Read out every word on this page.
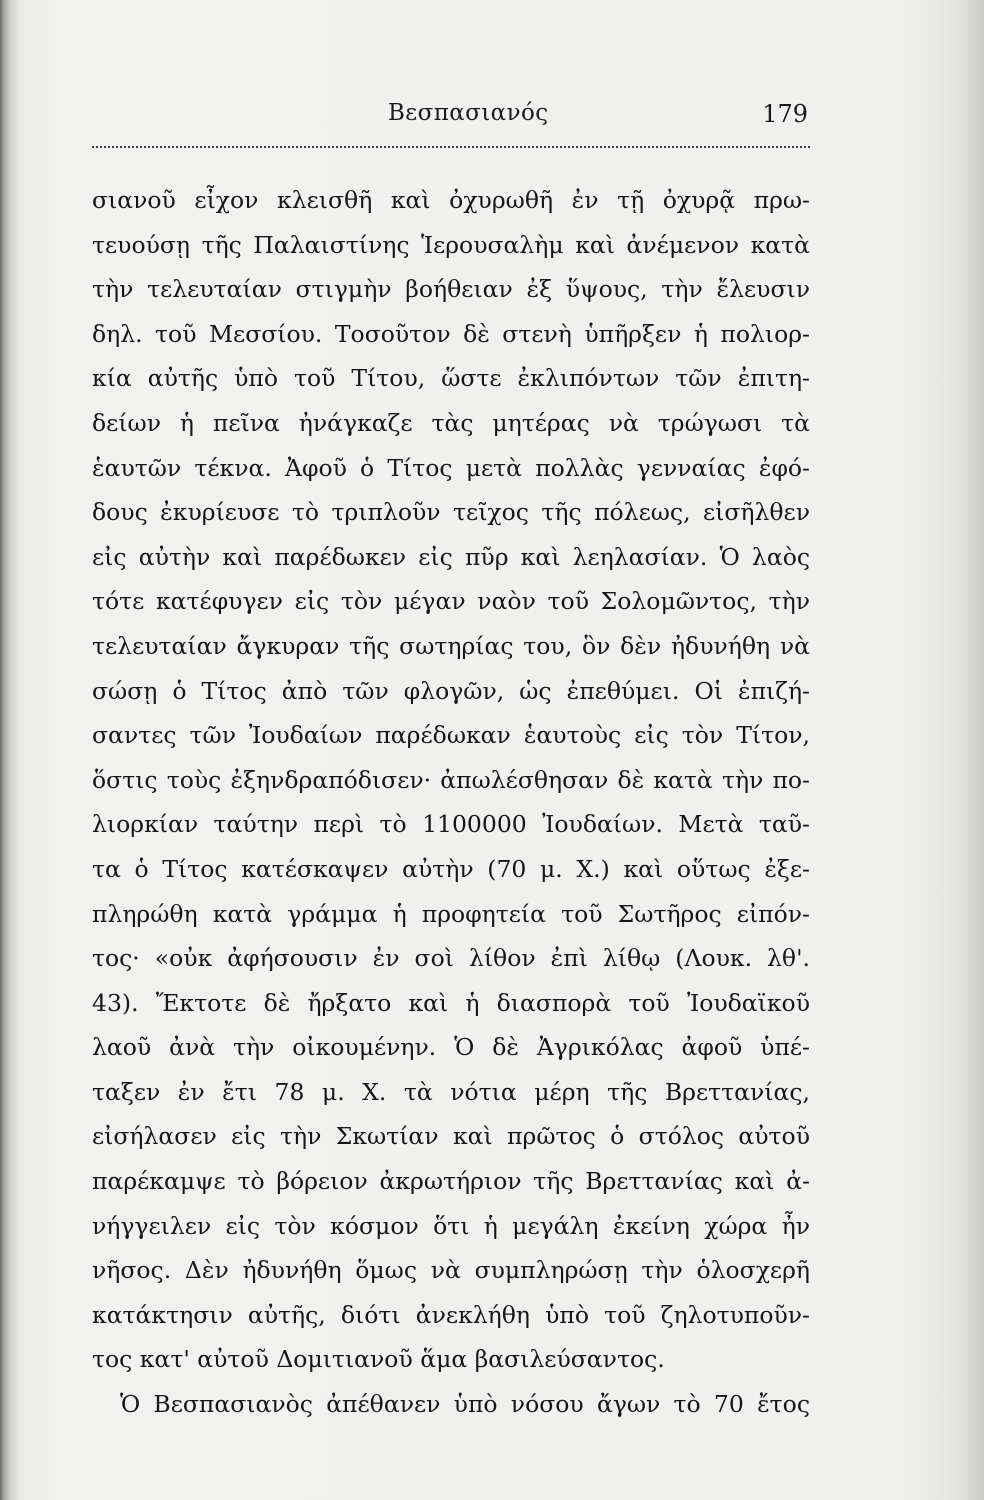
Βεσπασιανός	179
σιανοῦ εἶχον κλεισθῆ καὶ ὀχυρωθῆ ἐν τῇ ὀχυρᾷ πρω-
τευούσῃ τῆς Παλαιστίνης Ἱερουσαλὴμ καὶ ἀνέμενον κατὰ
τὴν τελευταίαν στιγμὴν βοήθειαν ἐξ ὕψους, τὴν ἔλευσιν
δηλ. τοῦ Μεσσίου. Τοσοῦτον δὲ στενὴ ὑπῆρξεν ἡ πολιορ-
κία αὐτῆς ὑπὸ τοῦ Τίτου, ὥστε ἐκλιπόντων τῶν ἐπιτη-
δείων ἡ πεῖνα ἠνάγκαζε τὰς μητέρας νὰ τρώγωσι τὰ
ἑαυτῶν τέκνα. Ἀφοῦ ὁ Τίτος μετὰ πολλὰς γενναίας ἐφό-
δους ἐκυρίευσε τὸ τριπλοῦν τεῖχος τῆς πόλεως, εἰσῆλθεν
εἰς αὐτὴν καὶ παρέδωκεν εἰς πῦρ καὶ λεηλασίαν. Ὁ λαὸς
τότε κατέφυγεν εἰς τὸν μέγαν ναὸν τοῦ Σολομῶντος, τὴν
τελευταίαν ἄγκυραν τῆς σωτηρίας του, ὃν δὲν ἠδυνήθη νὰ
σώσῃ ὁ Τίτος ἀπὸ τῶν φλογῶν, ὡς ἐπεθύμει. Οἱ ἐπιζή-
σαντες τῶν Ἰουδαίων παρέδωκαν ἑαυτοὺς εἰς τὸν Τίτον,
ὅστις τοὺς ἐξηνδραπόδισεν· ἀπωλέσθησαν δὲ κατὰ τὴν πο-
λιορκίαν ταύτην περὶ τὸ 1100000 Ἰουδαίων. Μετὰ ταῦ-
τα ὁ Τίτος κατέσκαψεν αὐτὴν (70 μ. Χ.) καὶ οὕτως ἐξε-
πληρώθη κατὰ γράμμα ἡ προφητεία τοῦ Σωτῆρος εἰπόν-
τος· «οὐκ ἀφήσουσιν ἐν σοὶ λίθον ἐπὶ λίθῳ (Λουκ. λθ'.
43). Ἔκτοτε δὲ ἤρξατο καὶ ἡ διασπορὰ τοῦ Ἰουδαϊκοῦ
λαοῦ ἀνὰ τὴν οἰκουμένην. Ὁ δὲ Ἀγρικόλας ἀφοῦ ὑπέ-
ταξεν ἐν ἔτι 78 μ. Χ. τὰ νότια μέρη τῆς Βρεττανίας,
εἰσήλασεν εἰς τὴν Σκωτίαν καὶ πρῶτος ὁ στόλος αὐτοῦ
παρέκαμψε τὸ βόρειον ἀκρωτήριον τῆς Βρεττανίας καὶ ἀ-
νήγγειλεν εἰς τὸν κόσμον ὅτι ἡ μεγάλη ἐκείνη χώρα ἦν
νῆσος. Δὲν ἠδυνήθη ὅμως νὰ συμπληρώσῃ τὴν ὁλοσχερῆ
κατάκτησιν αὐτῆς, διότι ἀνεκλήθη ὑπὸ τοῦ ζηλοτυποῦν-
τος κατ' αὐτοῦ Δομιτιανοῦ ἅμα βασιλεύσαντος.
Ὁ Βεσπασιανὸς ἀπέθανεν ὑπὸ νόσου ἄγων τὸ 70 ἔτος
